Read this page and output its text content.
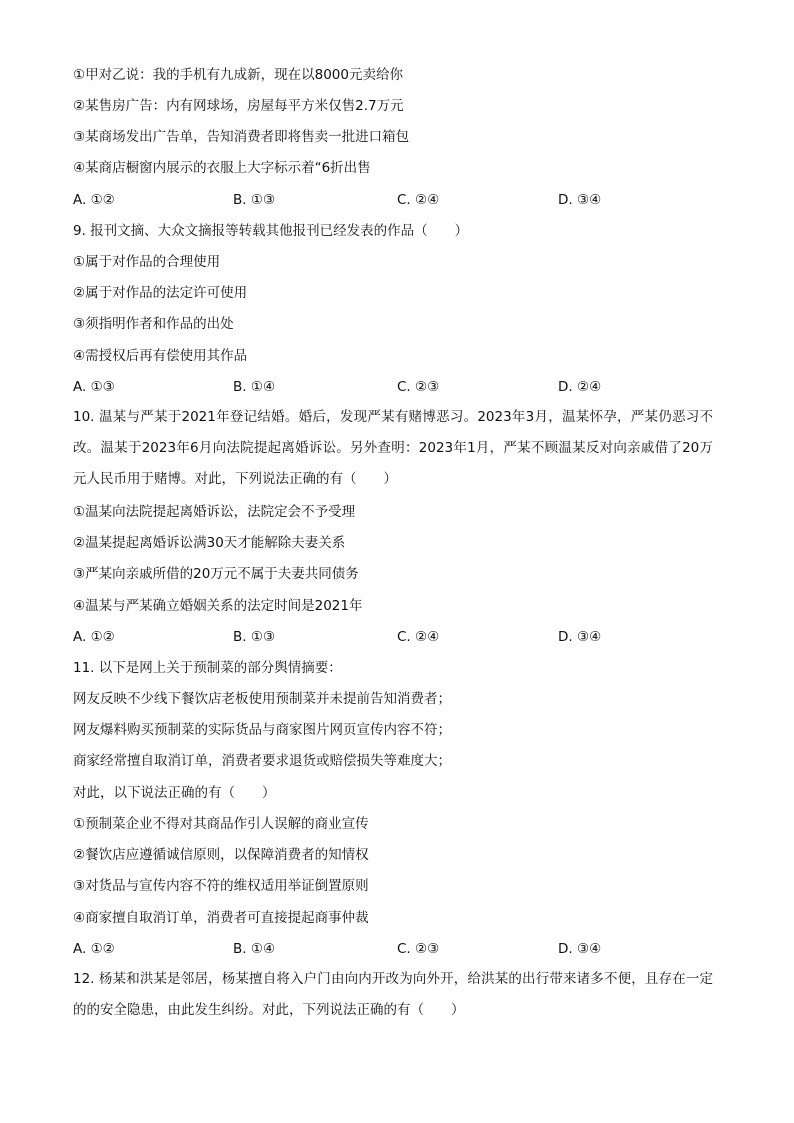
①甲对乙说：我的手机有九成新，现在以8000元卖给你
②某售房广告：内有网球场，房屋每平方米仅售2.7万元
③某商场发出广告单，告知消费者即将售卖一批进口箱包
④某商店橱窗内展示的衣服上大字标示着“6折出售
A. ①②	B. ①③	C. ②④	D. ③④
9. 报刊文摘、大众文摘报等转载其他报刊已经发表的作品（　　）
①属于对作品的合理使用
②属于对作品的法定许可使用
③须指明作者和作品的出处
④需授权后再有偿使用其作品
A. ①③	B. ①④	C. ②③	D. ②④
10. 温某与严某于2021年登记结婚。婚后，发现严某有赌博恶习。2023年3月，温某怀孕，严某仍恶习不改。温某于2023年6月向法院提起离婚诉讼。另外查明：2023年1月，严某不顾温某反对向亲戚借了20万元人民币用于赌博。对此，下列说法正确的有（　　）
①温某向法院提起离婚诉讼，法院定会不予受理
②温某提起离婚诉讼满30天才能解除夫妻关系
③严某向亲戚所借的20万元不属于夫妻共同债务
④温某与严某确立婚姻关系的法定时间是2021年
A. ①②	B. ①③	C. ②④	D. ③④
11. 以下是网上关于预制菜的部分舆情摘要：
网友反映不少线下餐饮店老板使用预制菜并未提前告知消费者；
网友爆料购买预制菜的实际货品与商家图片网页宣传内容不符；
商家经常擅自取消订单，消费者要求退货或赔偿损失等难度大；
对此，以下说法正确的有（　　）
①预制菜企业不得对其商品作引人误解的商业宣传
②餐饮店应遵循诚信原则，以保障消费者的知情权
③对货品与宣传内容不符的维权适用举证倒置原则
④商家擅自取消订单，消费者可直接提起商事仲裁
A. ①②	B. ①④	C. ②③	D. ③④
12. 杨某和洪某是邻居，杨某擅自将入户门由向内开改为向外开，给洪某的出行带来诸多不便，且存在一定的的安全隐患，由此发生纠纷。对此，下列说法正确的有（　　）
